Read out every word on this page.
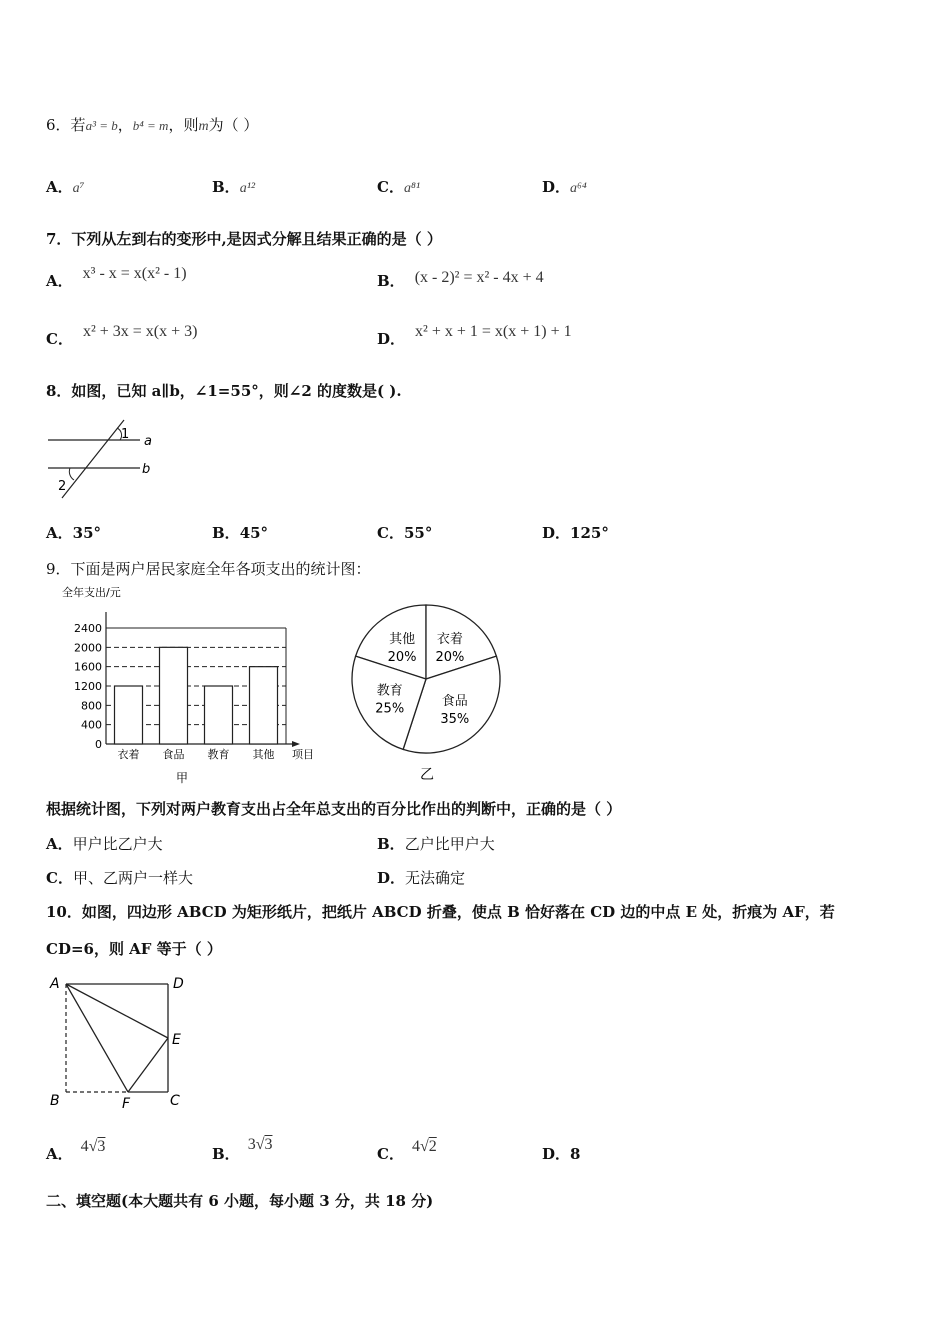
6．若a³ = b，b⁴ = m，则m为（ ）
A．a⁷	B．a¹²	C．a⁸¹	D．a⁶⁴
7．下列从左到右的变形中,是因式分解且结果正确的是（ ）
A． x³ - x = x(x² - 1)	B． (x - 2)² = x² - 4x + 4
C． x² + 3x = x(x + 3)	D． x² + x + 1 = x(x + 1) + 1
8．如图，已知 a∥b，∠1=55°，则∠2 的度数是( ).
1 a
b
2
A．35°	B．45°	C．55°	D．125°
9．下面是两户居民家庭全年各项支出的统计图：
全年支出/元
项目
甲
0
400
800
1200
1600
2000
2400
衣着 食品 教育 其他
其他
20%
衣着
20%
食品
35%
教育
25%
乙
根据统计图，下列对两户教育支出占全年总支出的百分比作出的判断中，正确的是（ ）
A．甲户比乙户大	B．乙户比甲户大
C．甲、乙两户一样大	D．无法确定
10．如图，四边形 ABCD 为矩形纸片，把纸片 ABCD 折叠，使点 B 恰好落在 CD 边的中点 E 处，折痕为 AF，若
CD=6，则 AF 等于（ ）
A	D
E
B	F	C
A． 4√3	B．3√3
C． 4√2	D．8
二、填空题(本大题共有 6 小题，每小题 3 分，共 18 分)
